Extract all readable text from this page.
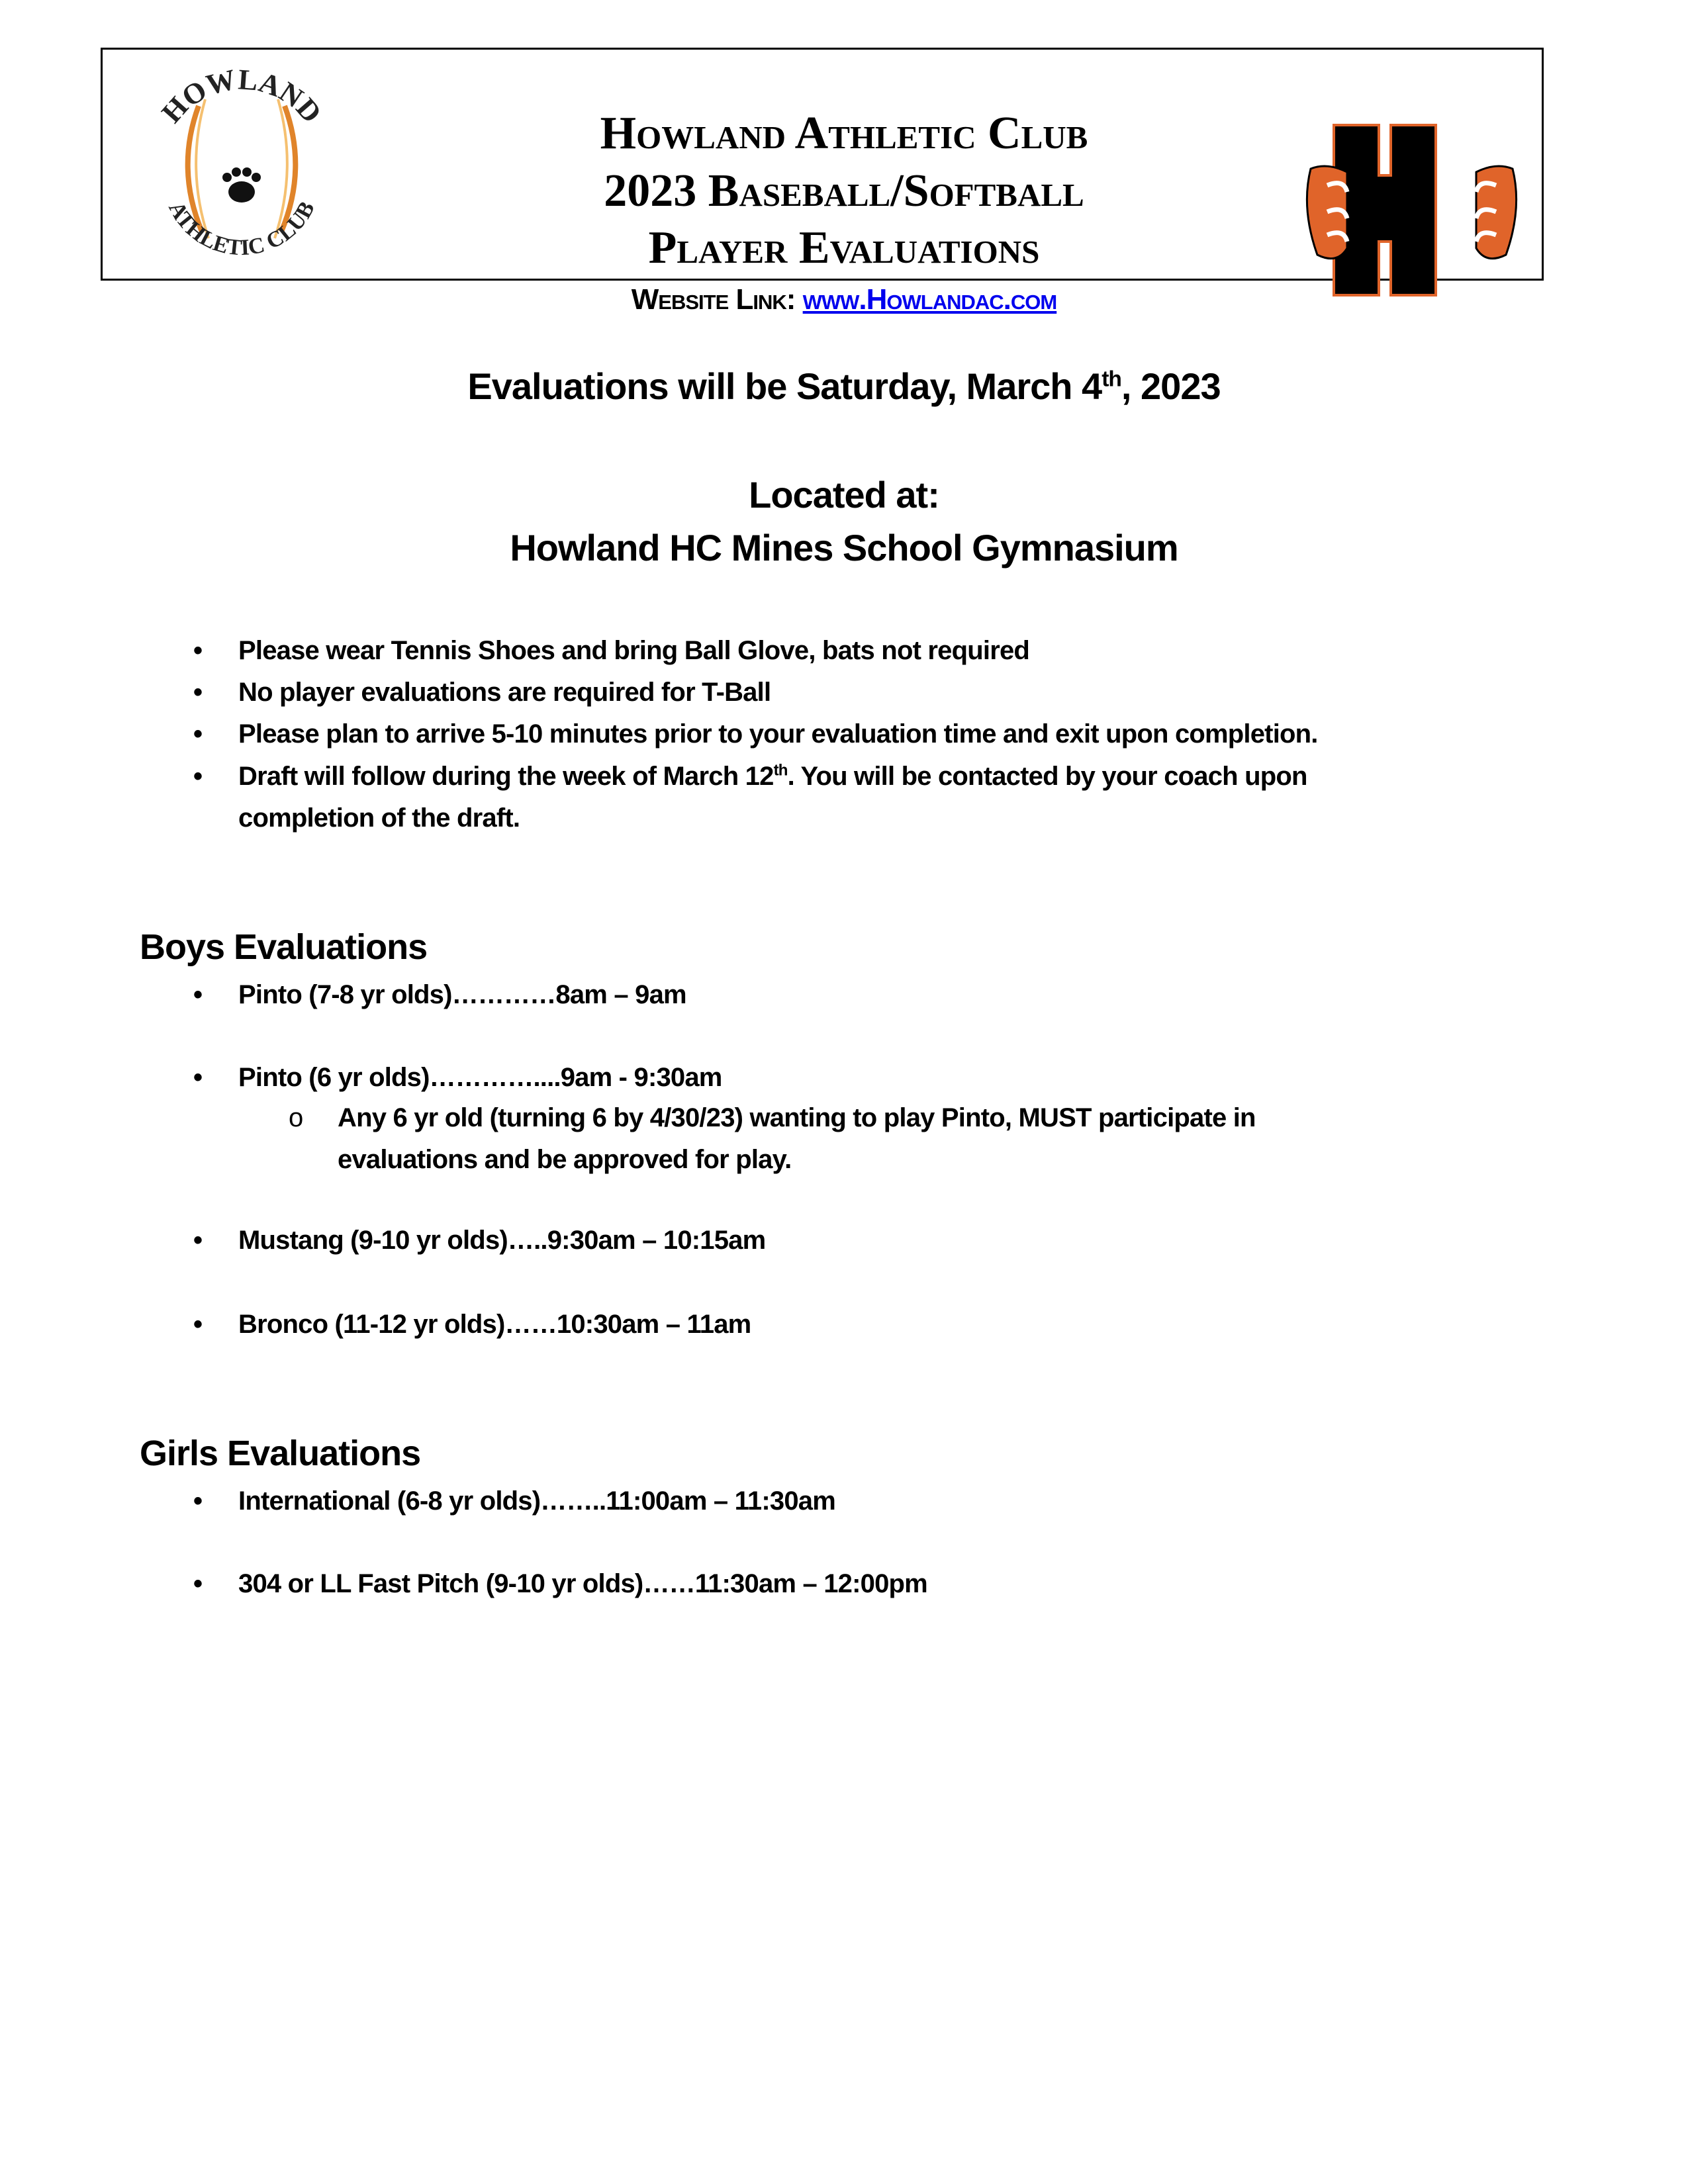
HOWLAND
ATHLETIC CLUB
Howland Athletic Club
2023 Baseball/Softball
Player Evaluations
Website Link: www.Howlandac.com
Evaluations will be Saturday, March 4th, 2023
Located at:
Howland HC Mines School Gymnasium
•	Please wear Tennis Shoes and bring Ball Glove, bats not required
•	No player evaluations are required for T-Ball
•	Please plan to arrive 5-10 minutes prior to your evaluation time and exit upon completion.
•	Draft will follow during the week of March 12th. You will be contacted by your coach upon
completion of the draft.
Boys Evaluations
•	Pinto (7-8 yr olds)…………8am – 9am
•	Pinto (6 yr olds)…………....9am - 9:30am
o Any 6 yr old (turning 6 by 4/30/23) wanting to play Pinto, MUST participate in
evaluations and be approved for play.
•	Mustang (9-10 yr olds)…..9:30am – 10:15am
•	Bronco (11-12 yr olds)……10:30am – 11am
Girls Evaluations
•	International (6-8 yr olds)……..11:00am – 11:30am
•	304 or LL Fast Pitch (9-10 yr olds)……11:30am – 12:00pm
